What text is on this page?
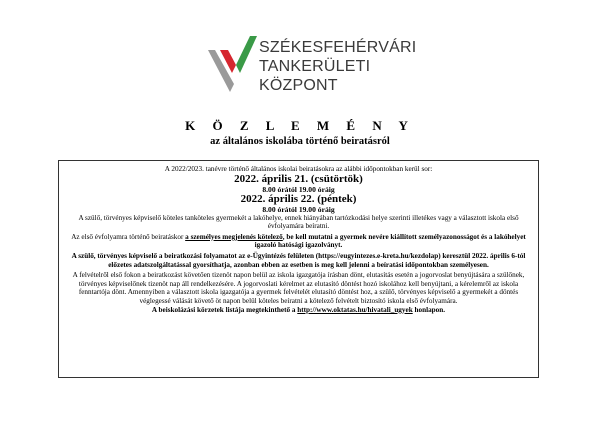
SZÉKESFEHÉRVÁRI
TANKERÜLETI
KÖZPONT
K Ö Z L E M É N Y
az általános iskolába történő beiratásról

A 2022/2023. tanévre történő általános iskolai beiratásokra az alábbi időpontokban kerül sor:

2022. április 21. (csütörtök)

8.00 órától 19.00 óráig

2022. április 22. (péntek)

8.00 órától 19.00 óráig

A szülő, törvényes képviselő köteles tanköteles gyermekét a lakóhelye, ennek hiányában tartózkodási helye szerinti illetékes vagy a választott iskola első évfolyamára beíratni.

Az első évfolyamra történő beiratáskor a személyes megjelenés kötelező, be kell mutatni a gyermek nevére kiállított személyazonosságot és a lakóhelyet igazoló hatósági igazolványt.

A szülő, törvényes képviselő a beiratkozási folyamatot az e-Ügyintézés felületen (https://eugyintezes.e-kreta.hu/kezdolap) keresztül 2022. április 6-tól előzetes adatszolgáltatással gyorsíthatja, azonban ebben az esetben is meg kell jelenni a beíratási időpontokban személyesen.

A felvételről első fokon a beiratkozást követően tizenöt napon belül az iskola igazgatója írásban dönt, elutasítás esetén a jogorvoslat benyújtására a szülőnek, törvényes képviselőnek tizenöt nap áll rendelkezésére. A jogorvoslati kérelmet az elutasító döntést hozó iskolához kell benyújtani, a kérelemről az iskola fenntartója dönt. Amennyiben a választott iskola igazgatója a gyermek felvételét elutasító döntést hoz, a szülő, törvényes képviselő a gyermekét a döntés véglegessé válását követő öt napon belül köteles beíratni a kötelező felvételt biztosító iskola első évfolyamára.

A beiskolázási körzetek listája megtekinthető a http://www.oktatas.hu/hivatali_ugyek honlapon.
